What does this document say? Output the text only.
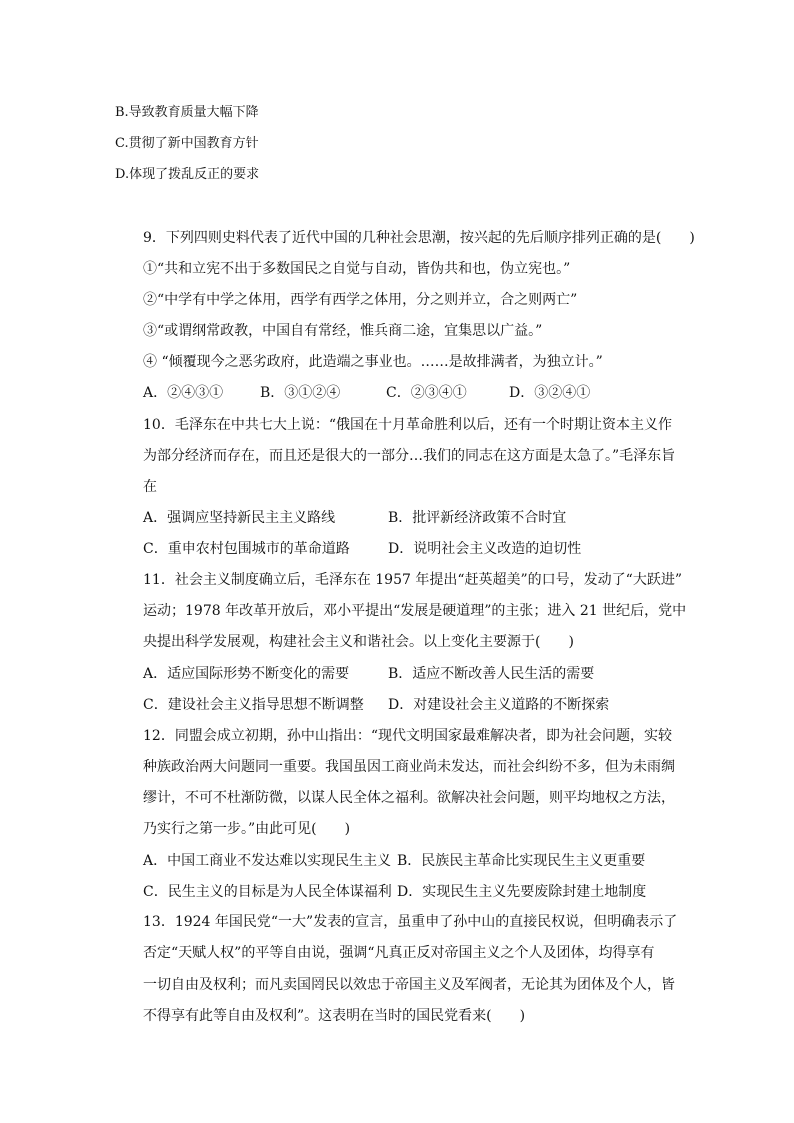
B.导致教育质量大幅下降
C.贯彻了新中国教育方针
D.体现了拨乱反正的要求
9．下列四则史料代表了近代中国的几种社会思潮，按兴起的先后顺序排列正确的是(　　)
①“共和立宪不出于多数国民之自觉与自动，皆伪共和也，伪立宪也。”
②“中学有中学之体用，西学有西学之体用，分之则并立，合之则两亡”
③“或谓纲常政教，中国自有常经，惟兵商二途，宜集思以广益。”
④ “倾覆现今之恶劣政府，此造端之事业也。……是故排满者，为独立计。”
A．②④③①	B．③①②④	C．②③④①	D．③②④①
10．毛泽东在中共七大上说：“俄国在十月革命胜利以后，还有一个时期让资本主义作
为部分经济而存在，而且还是很大的一部分…我们的同志在这方面是太急了。”毛泽东旨
在
A．强调应坚持新民主主义路线	B．批评新经济政策不合时宜
C．重申农村包围城市的革命道路	D．说明社会主义改造的迫切性
11．社会主义制度确立后，毛泽东在 1957 年提出“赶英超美”的口号，发动了“大跃进”
运动；1978 年改革开放后，邓小平提出“发展是硬道理”的主张；进入 21 世纪后，党中
央提出科学发展观，构建社会主义和谐社会。以上变化主要源于(　　)
A．适应国际形势不断变化的需要	B．适应不断改善人民生活的需要
C．建设社会主义指导思想不断调整 D．对建设社会主义道路的不断探索
12．同盟会成立初期，孙中山指出：“现代文明国家最难解决者，即为社会问题，实较
种族政治两大问题同一重要。我国虽因工商业尚未发达，而社会纠纷不多，但为未雨绸
缪计，不可不杜渐防微，以谋人民全体之福利。欲解决社会问题，则平均地权之方法，
乃实行之第一步。”由此可见(　　)
A．中国工商业不发达难以实现民生主义 B．民族民主革命比实现民生主义更重要
C．民生主义的目标是为人民全体谋福利 D．实现民生主义先要废除封建土地制度
13．1924 年国民党“一大”发表的宣言，虽重申了孙中山的直接民权说，但明确表示了
否定“天赋人权”的平等自由说，强调“凡真正反对帝国主义之个人及团体，均得享有
一切自由及权利；而凡卖国罔民以效忠于帝国主义及军阀者，无论其为团体及个人，皆
不得享有此等自由及权利”。这表明在当时的国民党看来(　　)
